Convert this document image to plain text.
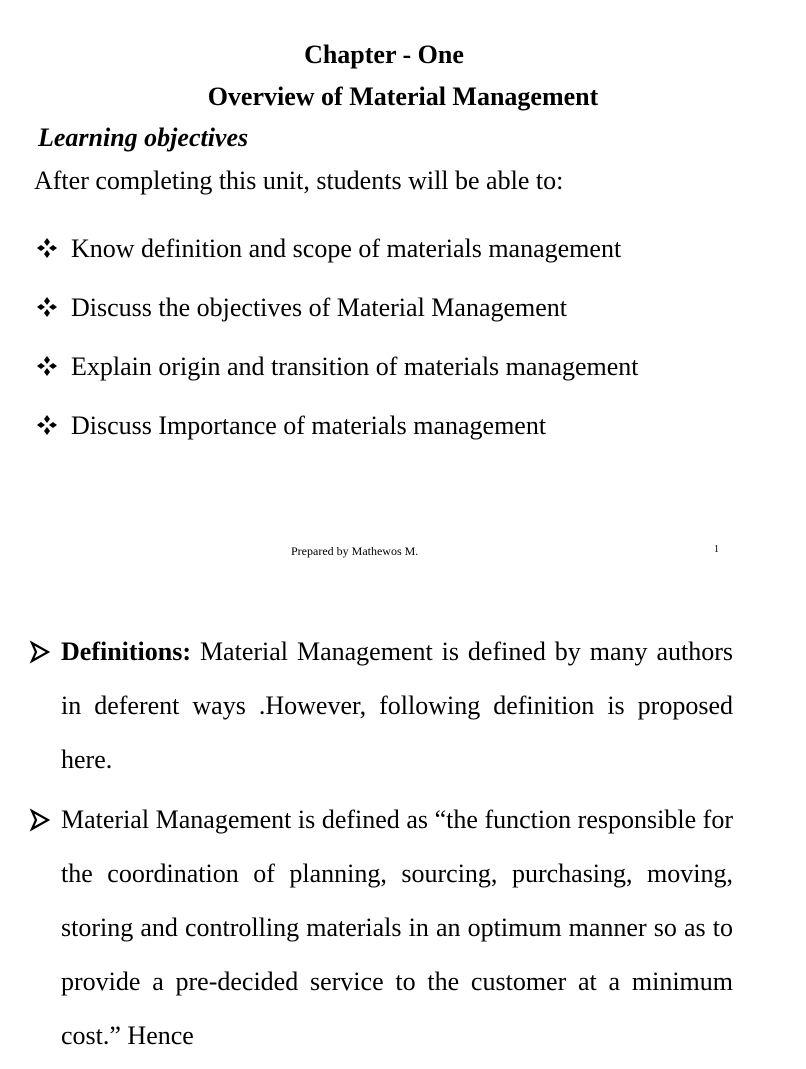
Chapter - One
Overview of Material Management
Learning objectives
After completing this unit, students will be able to:
Know definition and scope of materials management
Discuss the objectives of Material Management
Explain origin and transition of materials management
Discuss Importance of materials management
Prepared by Mathewos M.	1
Definitions: Material Management is defined by many authors in deferent ways .However, following definition is proposed here.
Material Management is defined as “the function responsible for the coordination of planning, sourcing, purchasing, moving, storing and controlling materials in an optimum manner so as to provide a pre-decided service to the customer at a minimum cost.” Hence
